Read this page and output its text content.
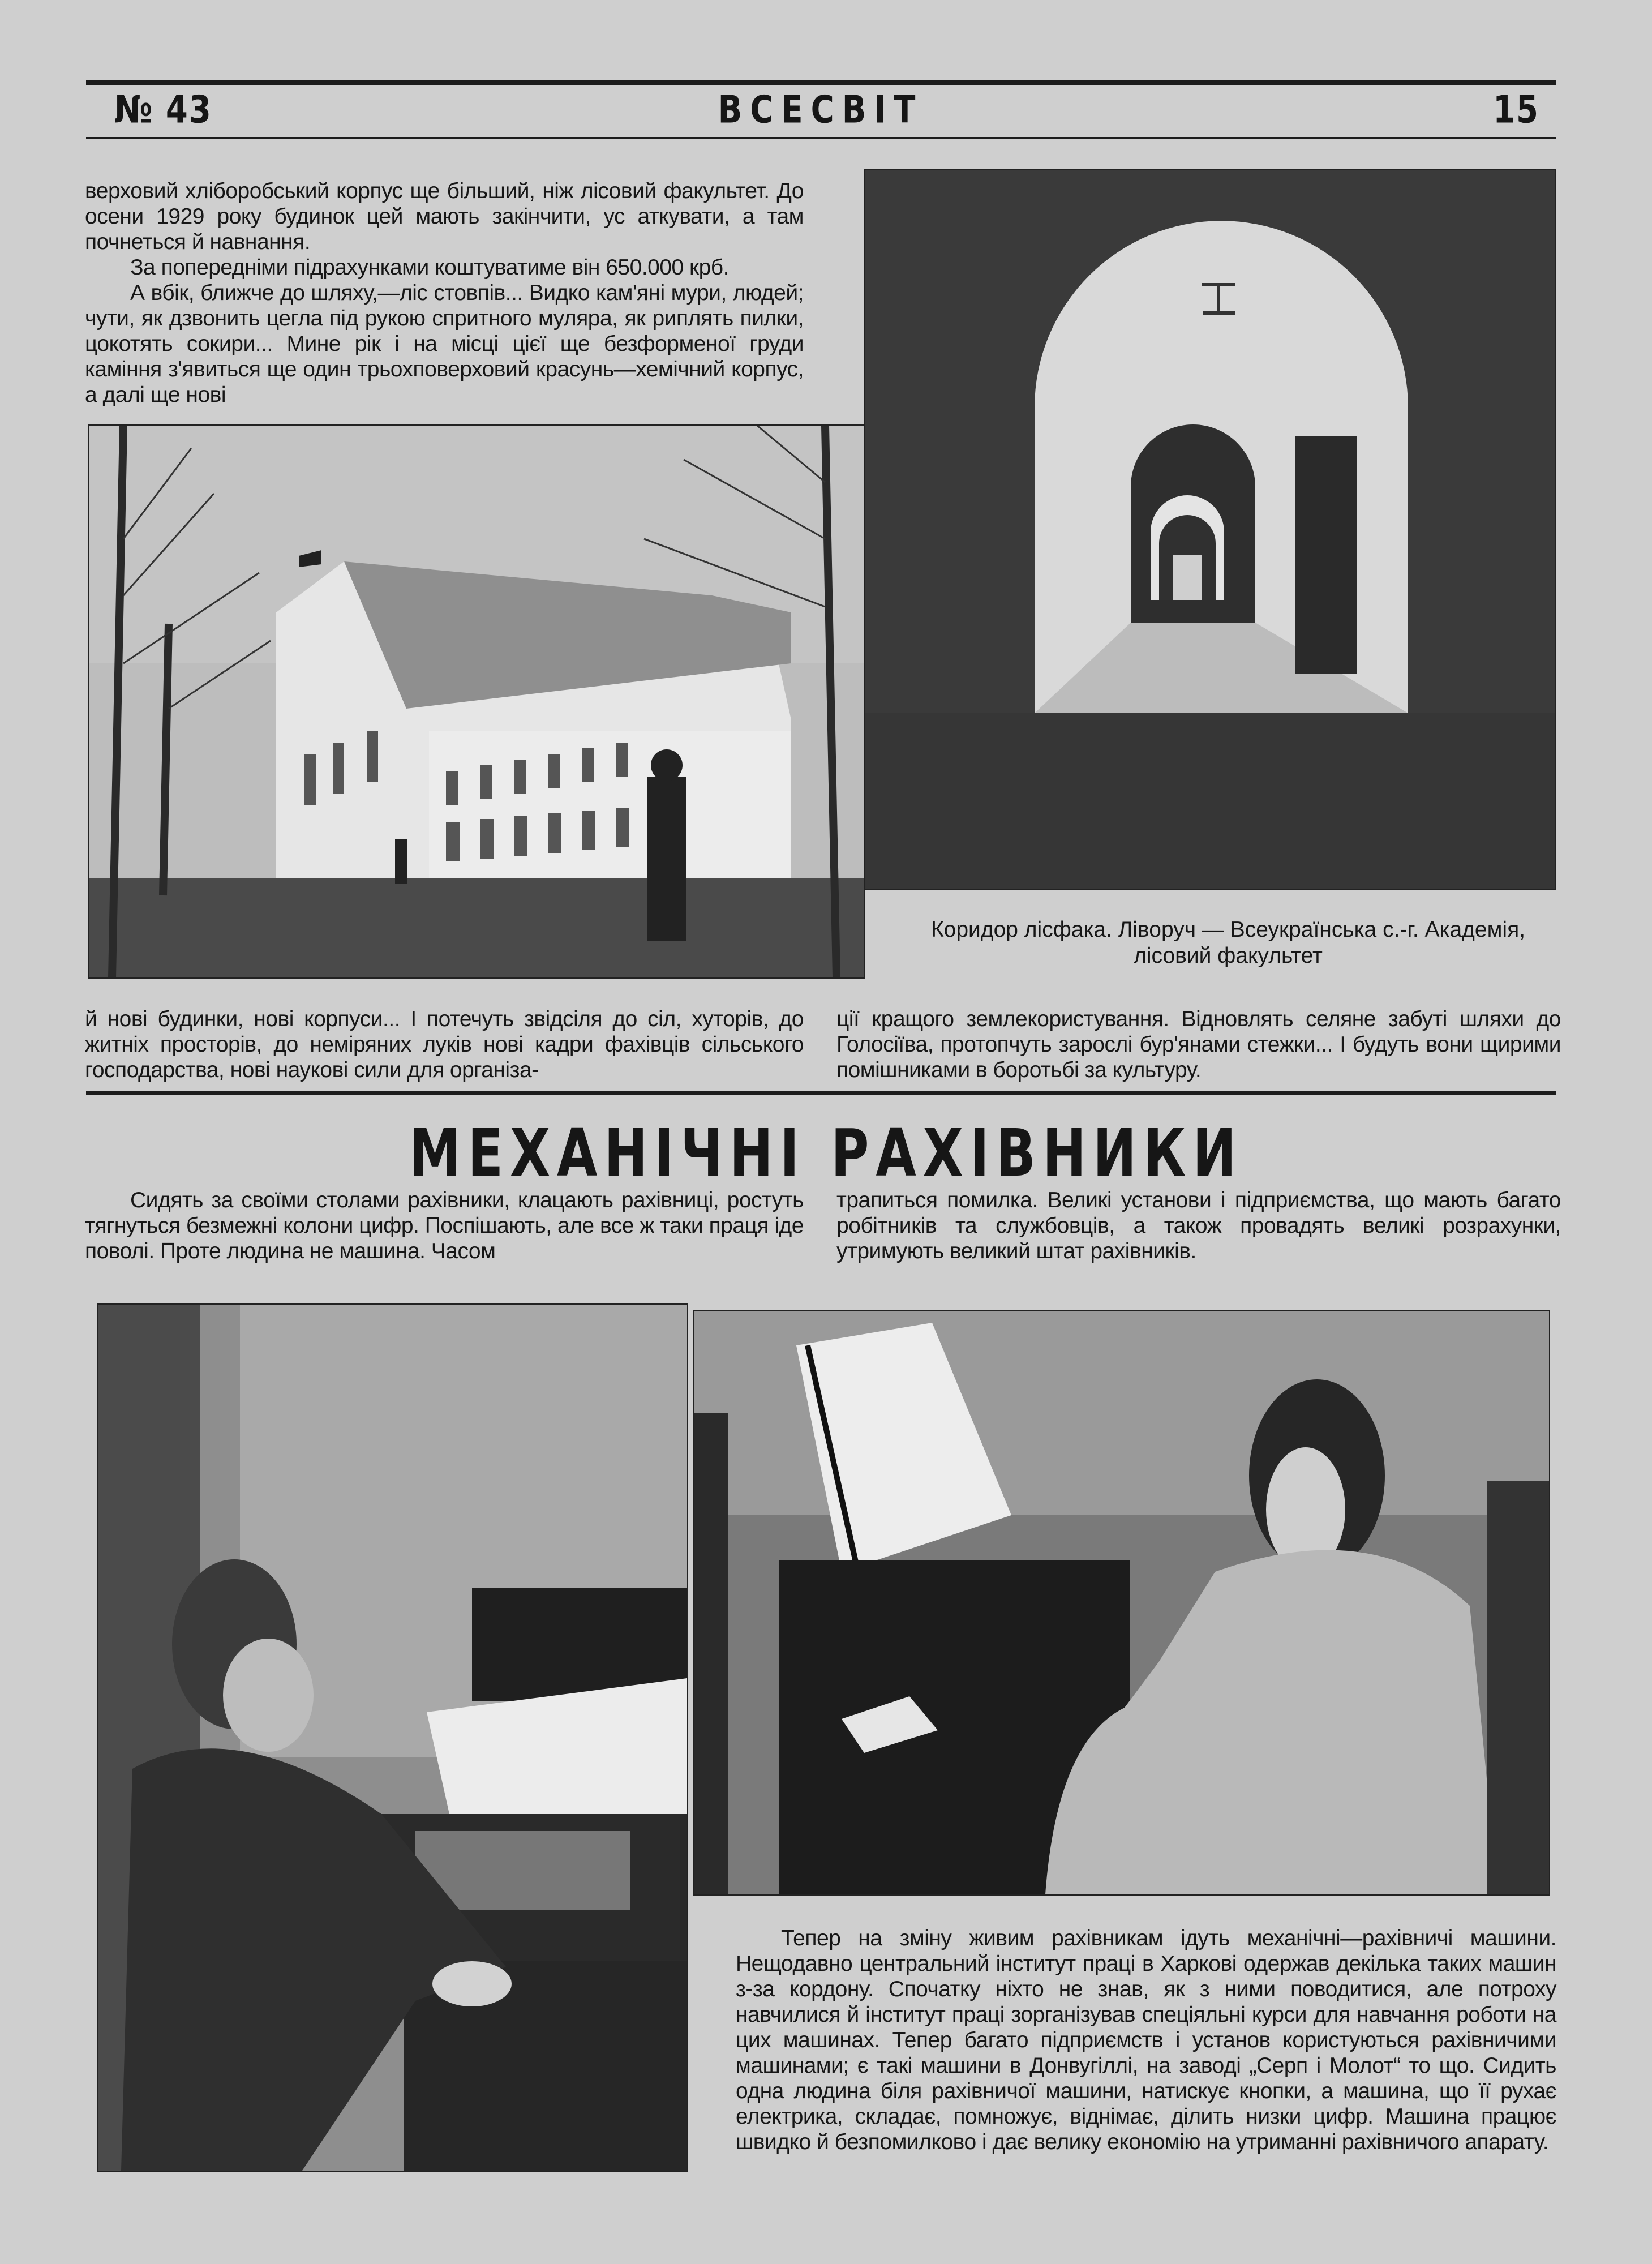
№ 43	ВСЕСВІТ	15

верховий хліборобський корпус ще більший, ніж лісовий факультет. До осени 1929 року будинок цей мають закінчити, ус аткувати, а там почнеться й навнання.

За попередніми підрахунками коштуватиме він 650.000 крб.

А вбік, ближче до шляху,—ліс стовпів... Видко кам'яні мури, людей; чути, як дзвонить цегла під рукою спритного муляра, як риплять пилки, цокотять сокири... Мине рік і на місці цієї ще безформеної груди каміння з'явиться ще один трьохповерховий красунь—хемічний корпус, а далі ще нові

Коридор лісфака. Ліворуч — Всеукраїнська с.-г. Академія,
лісовий факультет

й нові будинки, нові корпуси... І потечуть звідсіля до сіл, хуторів, до житніх просторів, до неміряних луків нові кадри фахівців сільського господарства, нові наукові сили для організа-

ції кращого землекористування. Відновлять селяне забуті шляхи до Голосіїва, протопчуть зарослі бур'янами стежки... І будуть вони щирими помішниками в боротьбі за культуру.

МЕХАНІЧНІ РАХІВНИКИ

Сидять за своїми столами рахівники, клацають рахівниці, ростуть тягнуться безмежні колони цифр. Поспішають, але все ж таки праця іде поволі. Проте людина не машина. Часом

трапиться помилка. Великі установи і підприємства, що мають багато робітників та службовців, а також провадять великі розрахунки, утримують великий штат рахівників.

Тепер на зміну живим рахівникам ідуть механічні—рахівничі машини. Нещодавно центральний інститут праці в Харкові одержав декілька таких машин з-за кордону. Спочатку ніхто не знав, як з ними поводитися, але потроху навчилися й інститут праці зорганізував спеціяльні курси для навчання роботи на цих машинах. Тепер багато підприємств і установ користуються рахівничими машинами; є такі машини в Донвугіллі, на заводі „Серп і Молот“ то що. Сидить одна людина біля рахівничої машини, натискує кнопки, а машина, що її рухає електрика, складає, помножує, віднімає, ділить низки цифр. Машина працює швидко й безпомилково і дає велику економію на утриманні рахівничого апарату.
